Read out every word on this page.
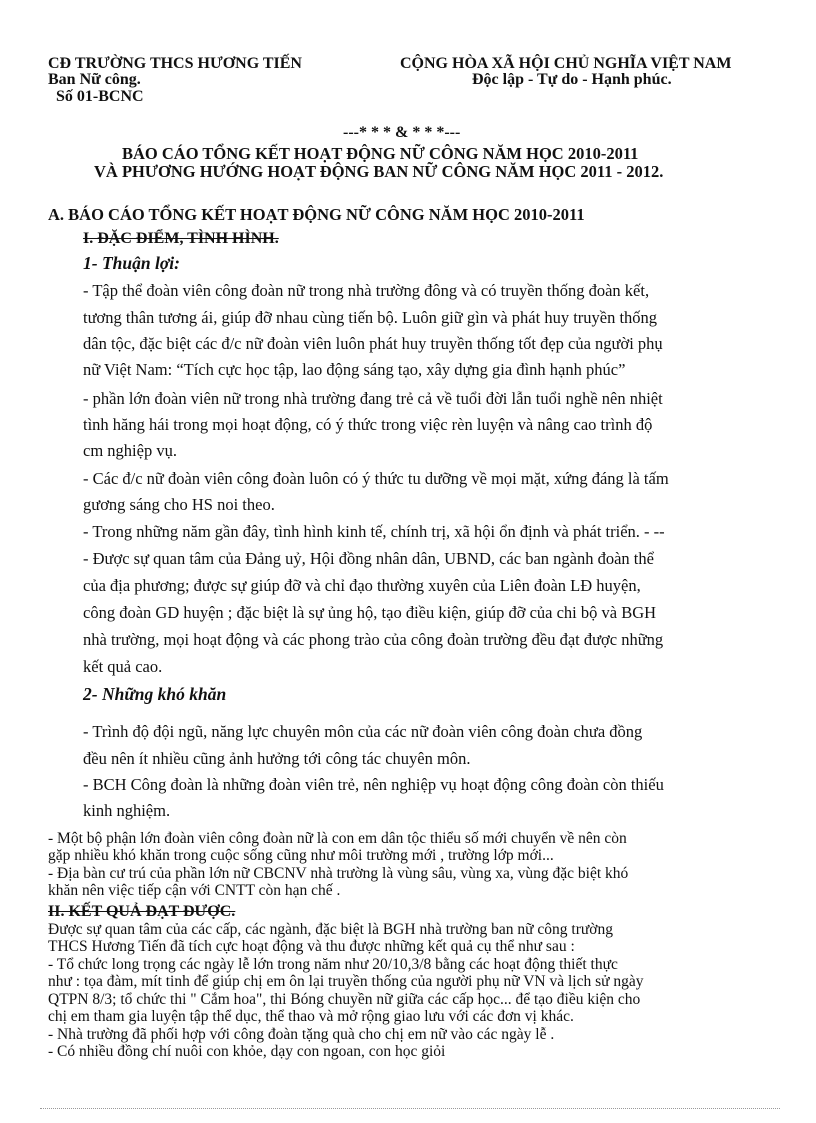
CĐ TRƯỜNG THCS HƯƠNG TIẾN
Ban Nữ công.
Số 01-BCNC
CỘNG HÒA XÃ HỘI CHỦ NGHĨA VIỆT NAM
Độc lập - Tự do - Hạnh phúc.
---* * * & * * *---
BÁO CÁO TỔNG KẾT HOẠT ĐỘNG NỮ CÔNG NĂM HỌC 2010-2011
VÀ PHƯƠNG HƯỚNG HOẠT ĐỘNG BAN NỮ CÔNG NĂM HỌC 2011 - 2012.
A. BÁO CÁO TỔNG KẾT HOẠT ĐỘNG NỮ CÔNG NĂM HỌC 2010-2011
I. ĐẶC ĐIỂM, TÌNH HÌNH.
1- Thuận lợi:
- Tập thể đoàn viên công đoàn nữ trong nhà trường đông và có truyền thống đoàn kết,
tương thân tương ái, giúp đỡ nhau cùng tiến bộ. Luôn giữ gìn và phát huy truyền thống
dân tộc, đặc biệt các đ/c nữ đoàn viên luôn phát huy truyền thống tốt đẹp của người phụ
nữ Việt Nam: “Tích cực học tập, lao động sáng tạo, xây dựng gia đình hạnh phúc”
- phần lớn đoàn viên nữ trong nhà trường đang trẻ cả về tuổi đời lẫn tuổi nghề nên nhiệt
tình hăng hái trong mọi hoạt động, có ý thức trong việc rèn luyện và nâng cao trình độ
cm nghiệp vụ.
- Các đ/c nữ đoàn viên công đoàn luôn có ý thức tu dưỡng về mọi mặt, xứng đáng là tấm
gương sáng cho HS noi theo.
- Trong những năm gần đây, tình hình kinh tế, chính trị, xã hội ổn định và phát triển. - --
- Được sự quan tâm của Đảng uỷ, Hội đồng nhân dân, UBND, các ban ngành đoàn thể
của địa phương; được sự giúp đỡ và chỉ đạo thường xuyên của Liên đoàn LĐ huyện,
công đoàn GD huyện ; đặc biệt là sự ủng hộ, tạo điều kiện, giúp đỡ của chi bộ và BGH
nhà trường, mọi hoạt động và các phong trào của công đoàn trường đều đạt được những
kết quả cao.
2- Những khó khăn
- Trình độ đội ngũ, năng lực chuyên môn của các nữ đoàn viên công đoàn chưa đồng
đều nên ít nhiều cũng ảnh hưởng tới công tác chuyên môn.
- BCH Công đoàn là những đoàn viên trẻ, nên nghiệp vụ hoạt động công đoàn còn thiếu
kinh nghiệm.
- Một bộ phận lớn đoàn viên công đoàn nữ là con em dân tộc thiểu số mới chuyển về nên còn
gặp nhiều khó khăn trong cuộc sống cũng như môi trường mới , trường lớp mới...
- Địa bàn cư trú của phần lớn nữ CBCNV nhà trường là vùng sâu, vùng xa, vùng đặc biệt khó
khăn nên việc tiếp cận với CNTT còn hạn chế .
II. KẾT QUẢ ĐẠT ĐƯỢC.
Được sự quan tâm của các cấp, các ngành, đặc biệt là BGH nhà trường ban nữ công trường
THCS Hương Tiến đã tích cực hoạt động và thu được những kết quả cụ thể như sau :
- Tổ chức long trọng các ngày lễ lớn trong năm như 20/10,3/8 bằng các hoạt động thiết thực
như : tọa đàm, mít tinh để giúp chị em ôn lại truyền thống của người phụ nữ VN và lịch sử ngày
QTPN 8/3; tổ chức thi " Cắm hoa", thi Bóng chuyền nữ giữa các cấp học... để tạo điều kiện cho
chị em tham gia luyện tập thể dục, thể thao và mở rộng giao lưu với các đơn vị khác.
- Nhà trường đã phối hợp với công đoàn tặng quà cho chị em nữ vào các ngày lễ .
- Có nhiều đồng chí nuôi con khỏe, dạy con ngoan, con học giỏi
